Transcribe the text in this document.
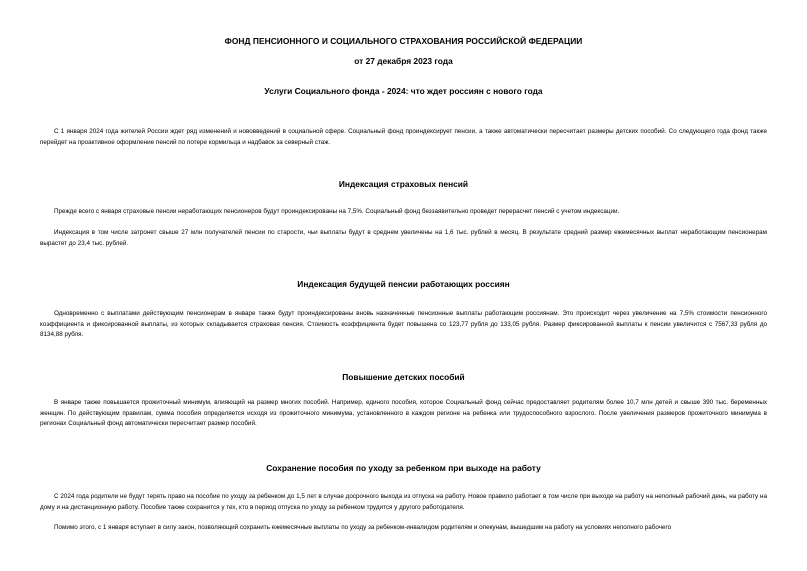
ФОНД ПЕНСИОННОГО И СОЦИАЛЬНОГО СТРАХОВАНИЯ РОССИЙСКОЙ ФЕДЕРАЦИИ
от 27 декабря 2023 года
Услуги Социального фонда - 2024: что ждет россиян с нового года

С 1 января 2024 года жителей России ждет ряд изменений и нововведений в социальной сфере. Социальный фонд проиндексирует пенсии, а также автоматически пересчитает размеры детских пособий. Со следующего года фонд также перейдет на проактивное оформление пенсий по потере кормильца и надбавок за северный стаж.

Индексация страховых пенсий

Прежде всего с января страховые пенсии неработающих пенсионеров будут проиндексированы на 7,5%. Социальный фонд беззаявительно проведет перерасчет пенсий с учетом индексации.

Индексация в том числе затронет свыше 27 млн получателей пенсии по старости, чьи выплаты будут в среднем увеличены на 1,6 тыс. рублей в месяц. В результате средний размер ежемесячных выплат неработающим пенсионерам вырастет до 23,4 тыс. рублей.

Индексация будущей пенсии работающих россиян

Одновременно с выплатами действующим пенсионерам в январе также будут проиндексированы вновь назначенные пенсионные выплаты работающим россиянам. Это происходит через увеличение на 7,5% стоимости пенсионного коэффициента и фиксированной выплаты, из которых складывается страховая пенсия. Стоимость коэффициента будет повышена со 123,77 рубля до 133,05 рубля. Размер фиксированной выплаты к пенсии увеличится с 7567,33 рубля до 8134,88 рубля.

Повышение детских пособий

В январе также повышается прожиточный минимум, влияющий на размер многих пособий. Например, единого пособия, которое Социальный фонд сейчас предоставляет родителям более 10,7 млн детей и свыше 390 тыс. беременных женщин. По действующим правилам, сумма пособия определяется исходя из прожиточного минимума, установленного в каждом регионе на ребенка или трудоспособного взрослого. После увеличения размеров прожиточного минимума в регионах Социальный фонд автоматически пересчитает размер пособий.

Сохранение пособия по уходу за ребенком при выходе на работу

С 2024 года родители не будут терять право на пособие по уходу за ребенком до 1,5 лет в случае досрочного выхода из отпуска на работу. Новое правило работает в том числе при выходе на работу на неполный рабочий день, на работу на дому и на дистанционную работу. Пособие также сохранится у тех, кто в период отпуска по уходу за ребенком трудится у другого работодателя.

Помимо этого, с 1 января вступает в силу закон, позволяющий сохранить ежемесячные выплаты по уходу за ребенком-инвалидом родителям и опекунам, вышедшим на работу на условиях неполного рабочего
